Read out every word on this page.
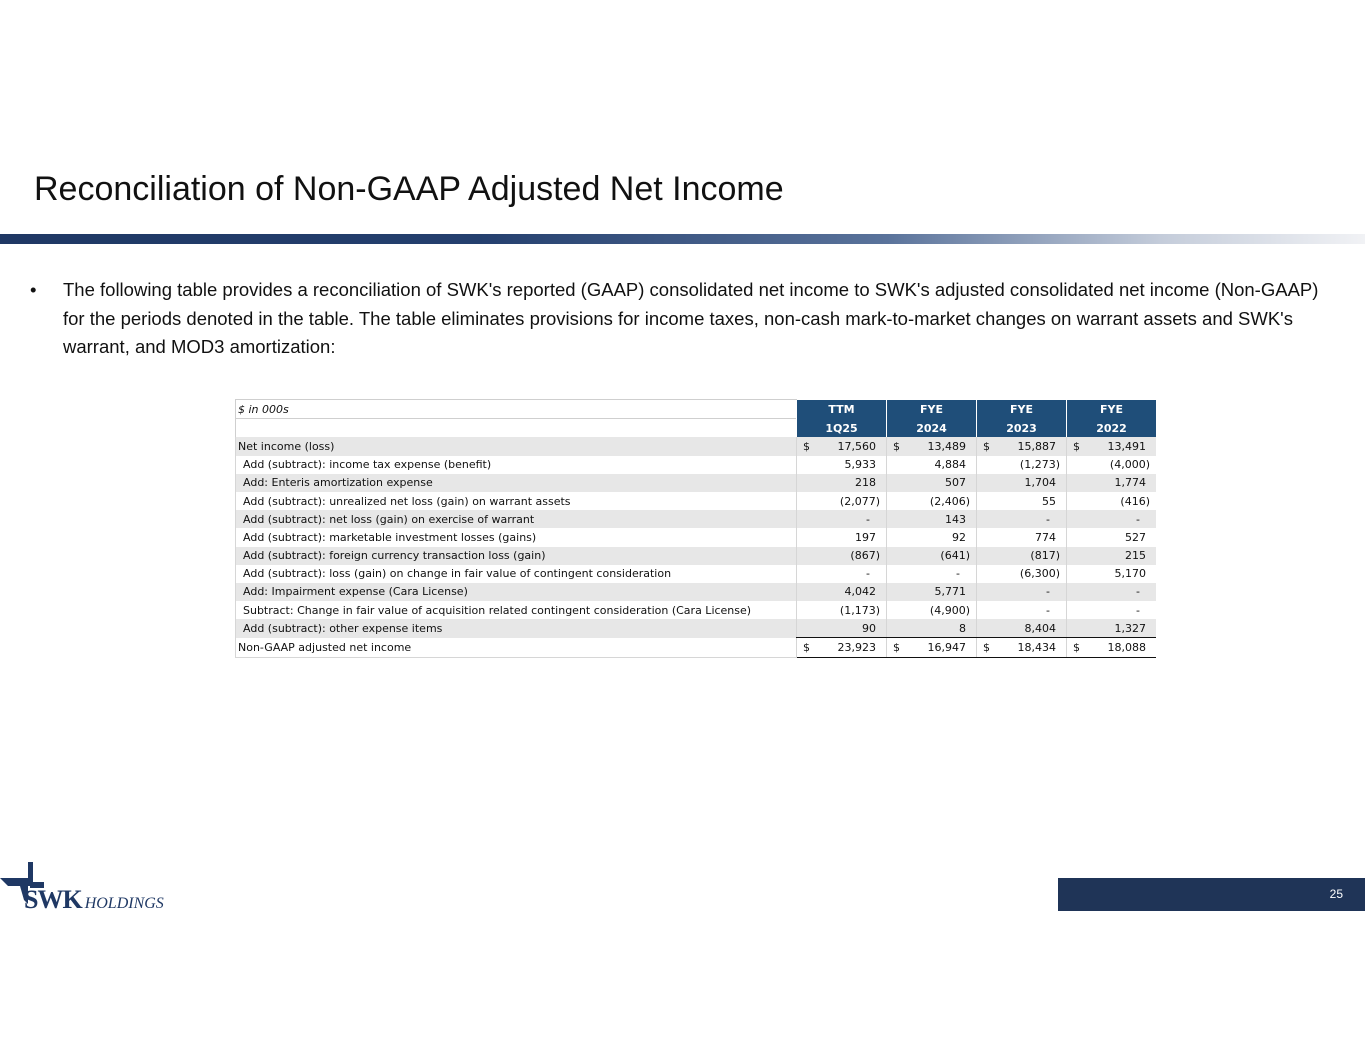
Reconciliation of Non-GAAP Adjusted Net Income
• The following table provides a reconciliation of SWK's reported (GAAP) consolidated net income to SWK's adjusted consolidated net income (Non-GAAP) for the periods denoted in the table. The table eliminates provisions for income taxes, non-cash mark-to-market changes on warrant assets and SWK's warrant, and MOD3 amortization:
$ in 000s	TTM	FYE	FYE	FYE
	1Q25	2024	2023	2022
Net income (loss)	$ 17,560	$ 13,489	$ 15,887	$ 13,491

Add (subtract): income tax expense (benefit)	5,933	4,884	(1,273)	(4,000)

Add: Enteris amortization expense	218	507	1,704	1,774

Add (subtract): unrealized net loss (gain) on warrant assets	(2,077)	(2,406)	55	(416)

Add (subtract): net loss (gain) on exercise of warrant	-	143	-	-

Add (subtract): marketable investment losses (gains)	197	92	774	527

Add (subtract): foreign currency transaction loss (gain)	(867)	(641)	(817)	215

Add (subtract): loss (gain) on change in fair value of contingent consideration	-	-	(6,300)	5,170

Add: Impairment expense (Cara License)	4,042	5,771	-	-

Subtract: Change in fair value of acquisition related contingent consideration (Cara License)	(1,173)	(4,900)	-	-

Add (subtract): other expense items	90	8	8,404	1,327

Non-GAAP adjusted net income	$ 23,923	$ 16,947	$ 18,434	$ 18,088
SWK HOLDINGS
25
